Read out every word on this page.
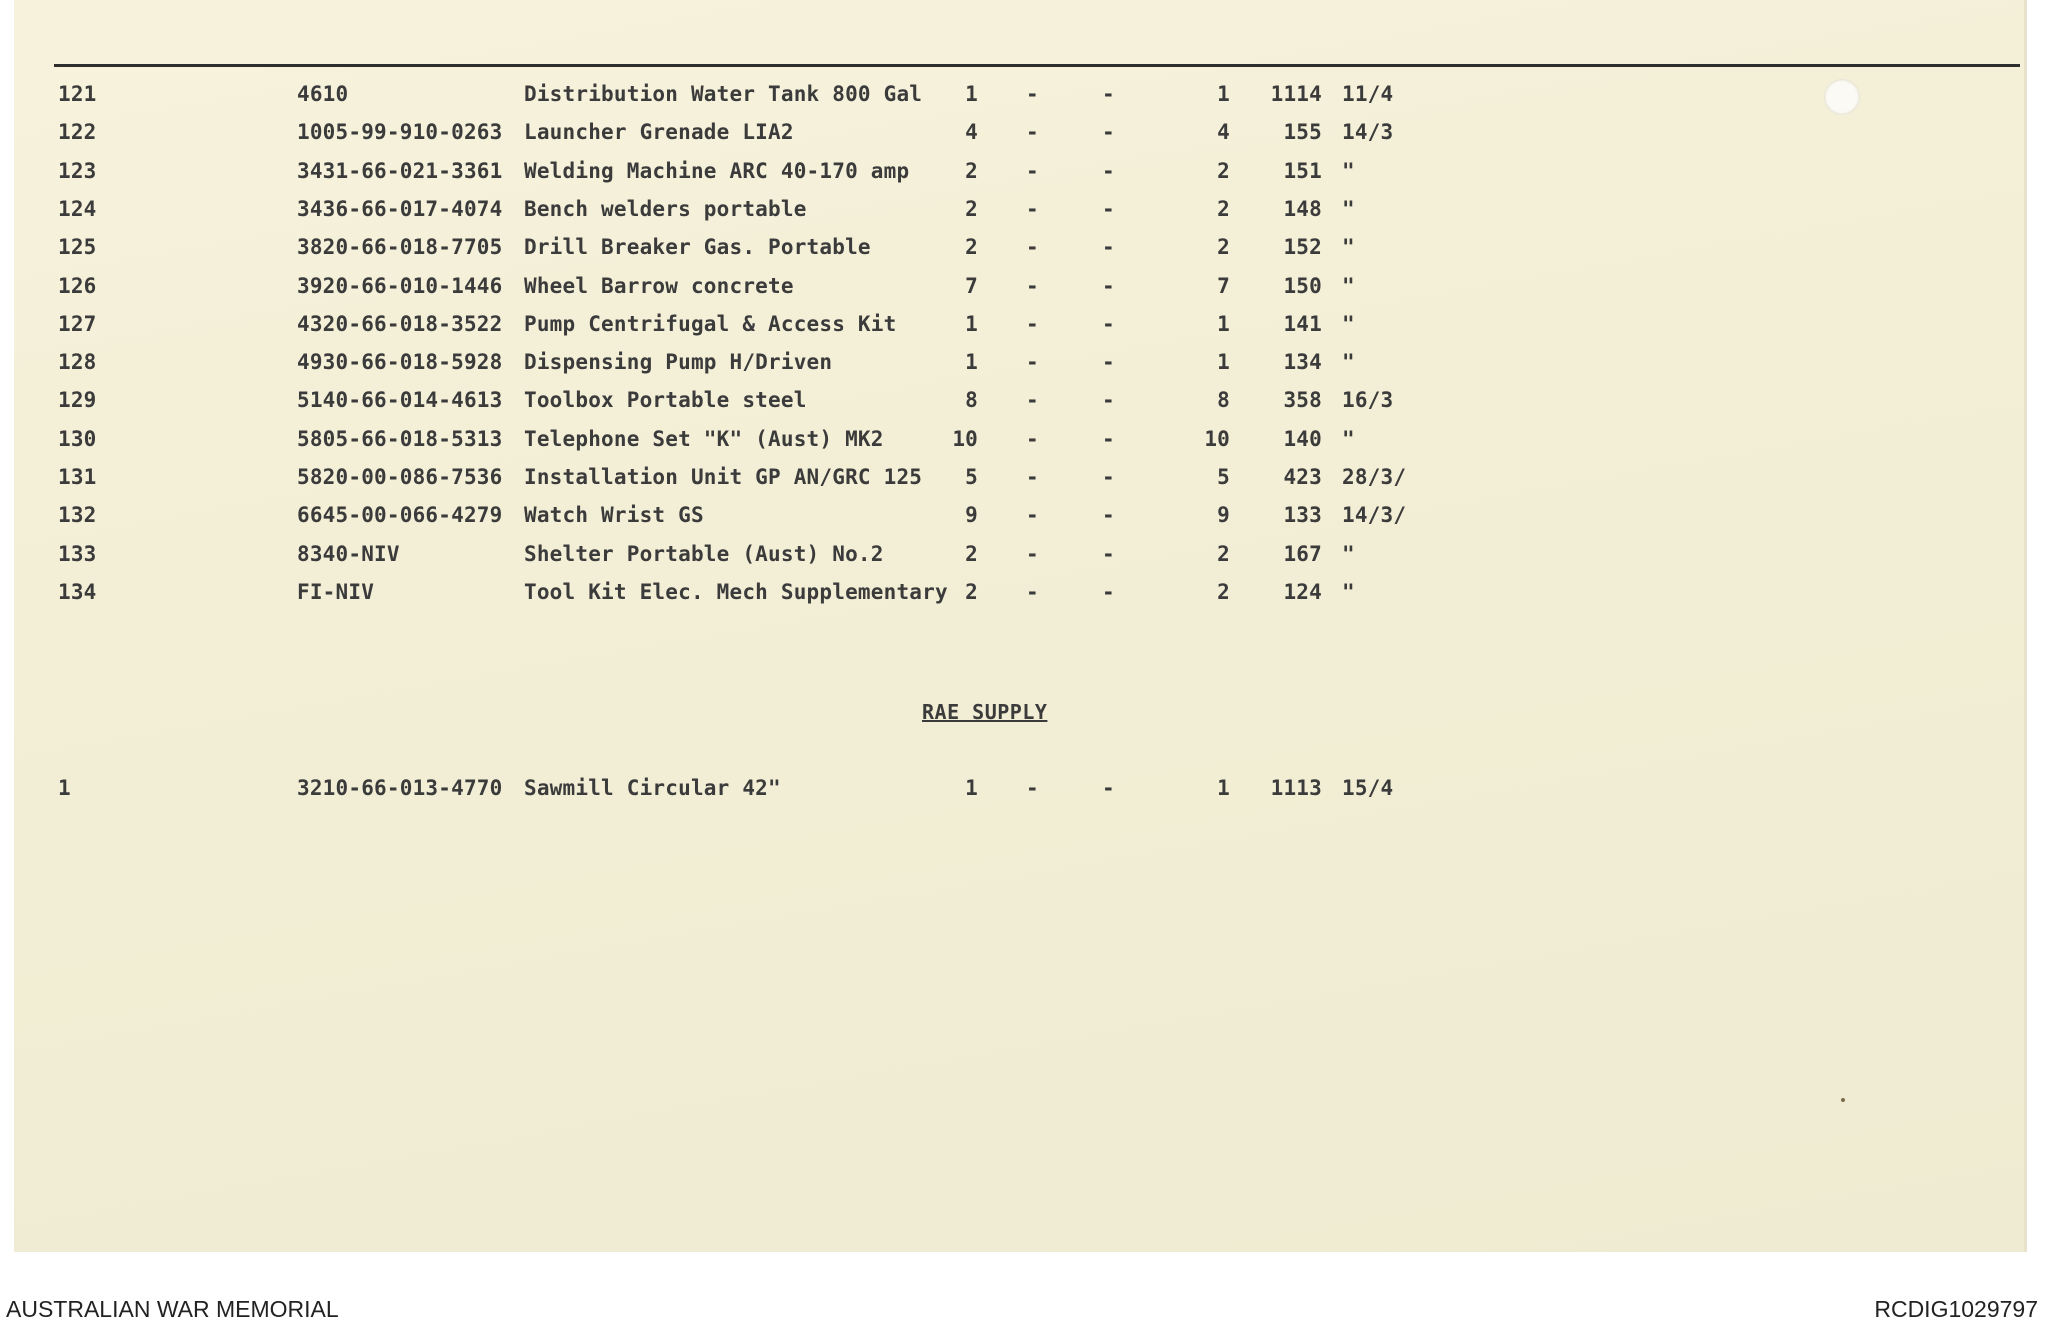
121	4610	Distribution Water Tank 800 Gal	1 -	-	1	1114 11/4
122	1005-99-910-0263 Launcher Grenade LIA2	4 -	-	4	155 14/3
123	3431-66-021-3361 Welding Machine ARC 40-170 amp	2 -	-	2	151 "
124	3436-66-017-4074 Bench welders portable	2 -	-	2	148 "
125	3820-66-018-7705 Drill Breaker Gas. Portable	2 -	-	2	152 "
126	3920-66-010-1446 Wheel Barrow concrete	7 -	-	7	150 "
127	4320-66-018-3522 Pump Centrifugal & Access Kit	1 -	-	1	141 "
128	4930-66-018-5928 Dispensing Pump H/Driven	1 -	-	1	134 "
129	5140-66-014-4613 Toolbox Portable steel	8 -	-	8	358 16/3
130	5805-66-018-5313 Telephone Set "K" (Aust) MK2	10 -	-	10	140 "
131	5820-00-086-7536 Installation Unit GP AN/GRC 125	5 -	-	5	423 28/3/
132	6645-00-066-4279 Watch Wrist GS	9 -	-	9	133 14/3/
133	8340-NIV	Shelter Portable (Aust) No.2	2 -	-	2	167 "
134	FI-NIV	Tool Kit Elec. Mech Supplementary 2 -	-	2	124 "
RAE SUPPLY
1	3210-66-013-4770 Sawmill Circular 42"	1 -	-	1	1113 15/4
AUSTRALIAN WAR MEMORIAL	RCDIG1029797
